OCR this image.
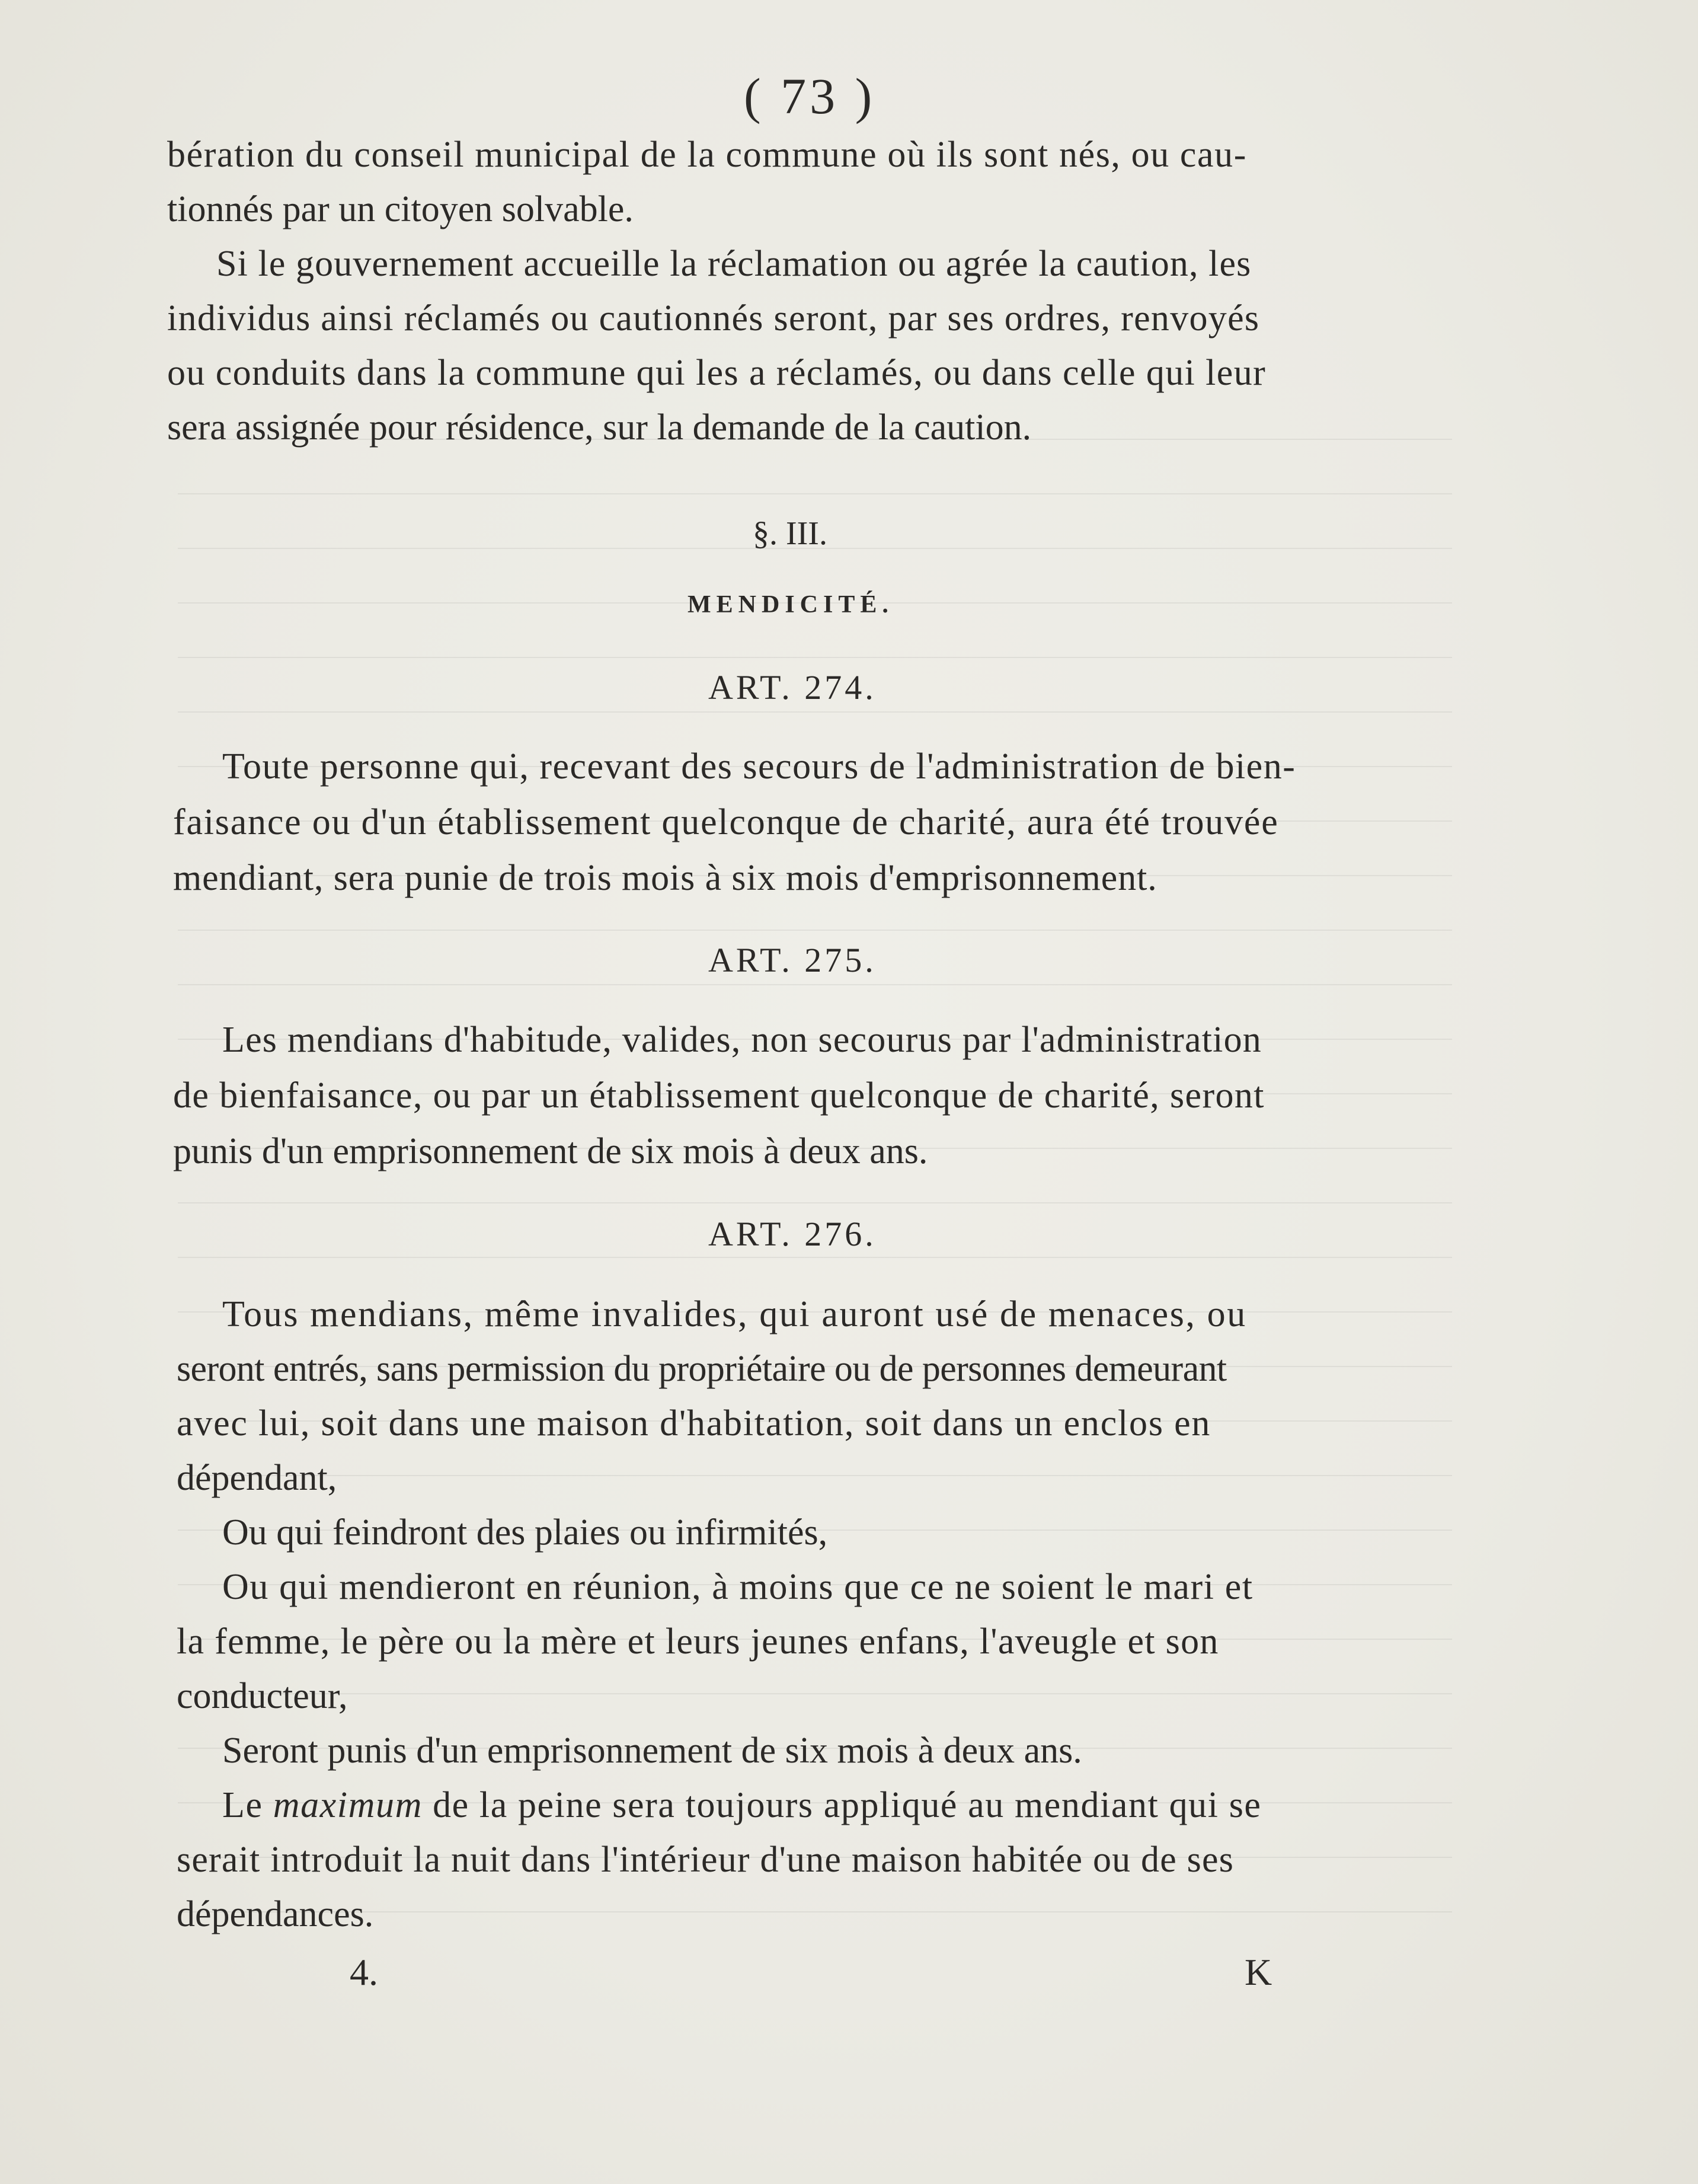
( 73 )
bération du conseil municipal de la commune où ils sont nés, ou cau-
tionnés par un citoyen solvable.
Si le gouvernement accueille la réclamation ou agrée la caution, les
individus ainsi réclamés ou cautionnés seront, par ses ordres, renvoyés
ou conduits dans la commune qui les a réclamés, ou dans celle qui leur
sera assignée pour résidence, sur la demande de la caution.
§. III.
MENDICITÉ.
ART. 274.
Toute personne qui, recevant des secours de l'administration de bien-
faisance ou d'un établissement quelconque de charité, aura été trouvée
mendiant, sera punie de trois mois à six mois d'emprisonnement.
ART. 275.
Les mendians d'habitude, valides, non secourus par l'administration
de bienfaisance, ou par un établissement quelconque de charité, seront
punis d'un emprisonnement de six mois à deux ans.
ART. 276.
Tous mendians, même invalides, qui auront usé de menaces, ou
seront entrés, sans permission du propriétaire ou de personnes demeurant
avec lui, soit dans une maison d'habitation, soit dans un enclos en
dépendant,
Ou qui feindront des plaies ou infirmités,
Ou qui mendieront en réunion, à moins que ce ne soient le mari et
la femme, le père ou la mère et leurs jeunes enfans, l'aveugle et son
conducteur,
Seront punis d'un emprisonnement de six mois à deux ans.
Le maximum de la peine sera toujours appliqué au mendiant qui se
serait introduit la nuit dans l'intérieur d'une maison habitée ou de ses
dépendances.
4.	K
